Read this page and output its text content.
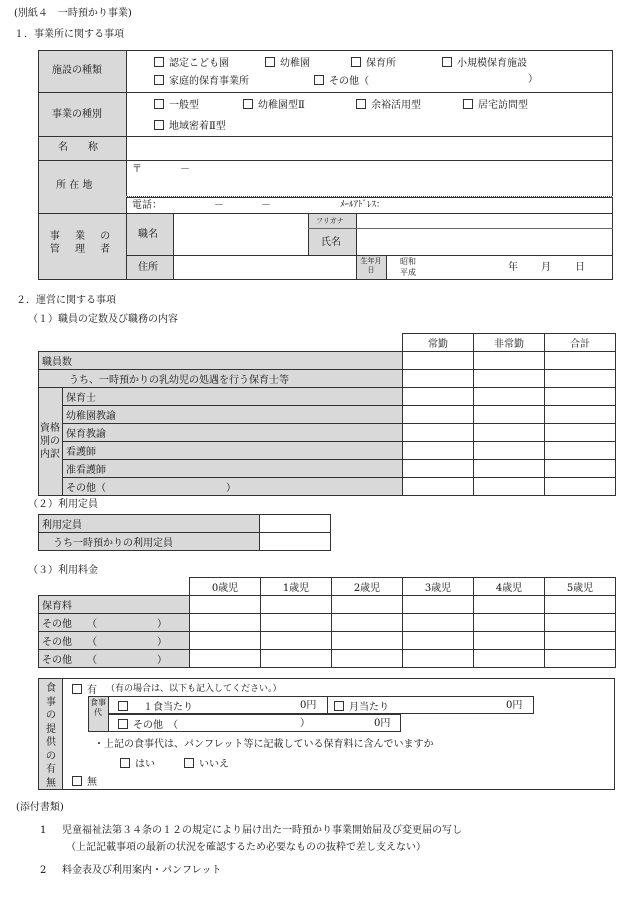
(別紙４　一時預かり事業)
１．事業所に関する事項
施設の種類
認定こども園	幼稚園	保育所	小規模保育施設
家庭的保育事業所	その他（	）
事業の種別
一般型	幼稚園型Ⅱ	余裕活用型	居宅訪問型
地域密着Ⅱ型
名　　称
所 在 地
〒	－
電話：	－	－	ﾒｰﾙｱﾄﾞﾚｽ：
事 業 の 管 理 者
職名
フリガナ
氏名
住所
生年月日
昭和
平成	年 月 日
２．運営に関する事項
（１）職員の定数及び職務の内容
		常勤	非常勤	合計
職員数				
うち、一時預かりの乳幼児の処遇を行う保育士等				

資格別の内訳	保育士			
	幼稚園教諭			
	保育教諭			
	看護師			
	准看護師			
	その他（　　　　　　　　　　　　）			
（２）利用定員
利用定員	
うち一時預かりの利用定員	
（３）利用料金
	0歳児	1歳児	2歳児	3歳児	4歳児	5歳児
保育料						
その他　　（　　　　　　）						
その他　　（　　　　　　）						
その他　　（　　　　　　）						
食事の提供の有無
有 （有の場合は、以下も記入してください。）
食事代	１食当たり	0円	月当たり	0円
その他　（	）	0円
・上記の食事代は、パンフレット等に記載している保育料に含んでいますか
はい	いいえ
無
(添付書類)
1 児童福祉法第３４条の１２の規定により届け出た一時預かり事業開始届及び変更届の写し
（上記記載事項の最新の状況を確認するため必要なものの抜粋で差し支えない）
2 料金表及び利用案内・パンフレット
